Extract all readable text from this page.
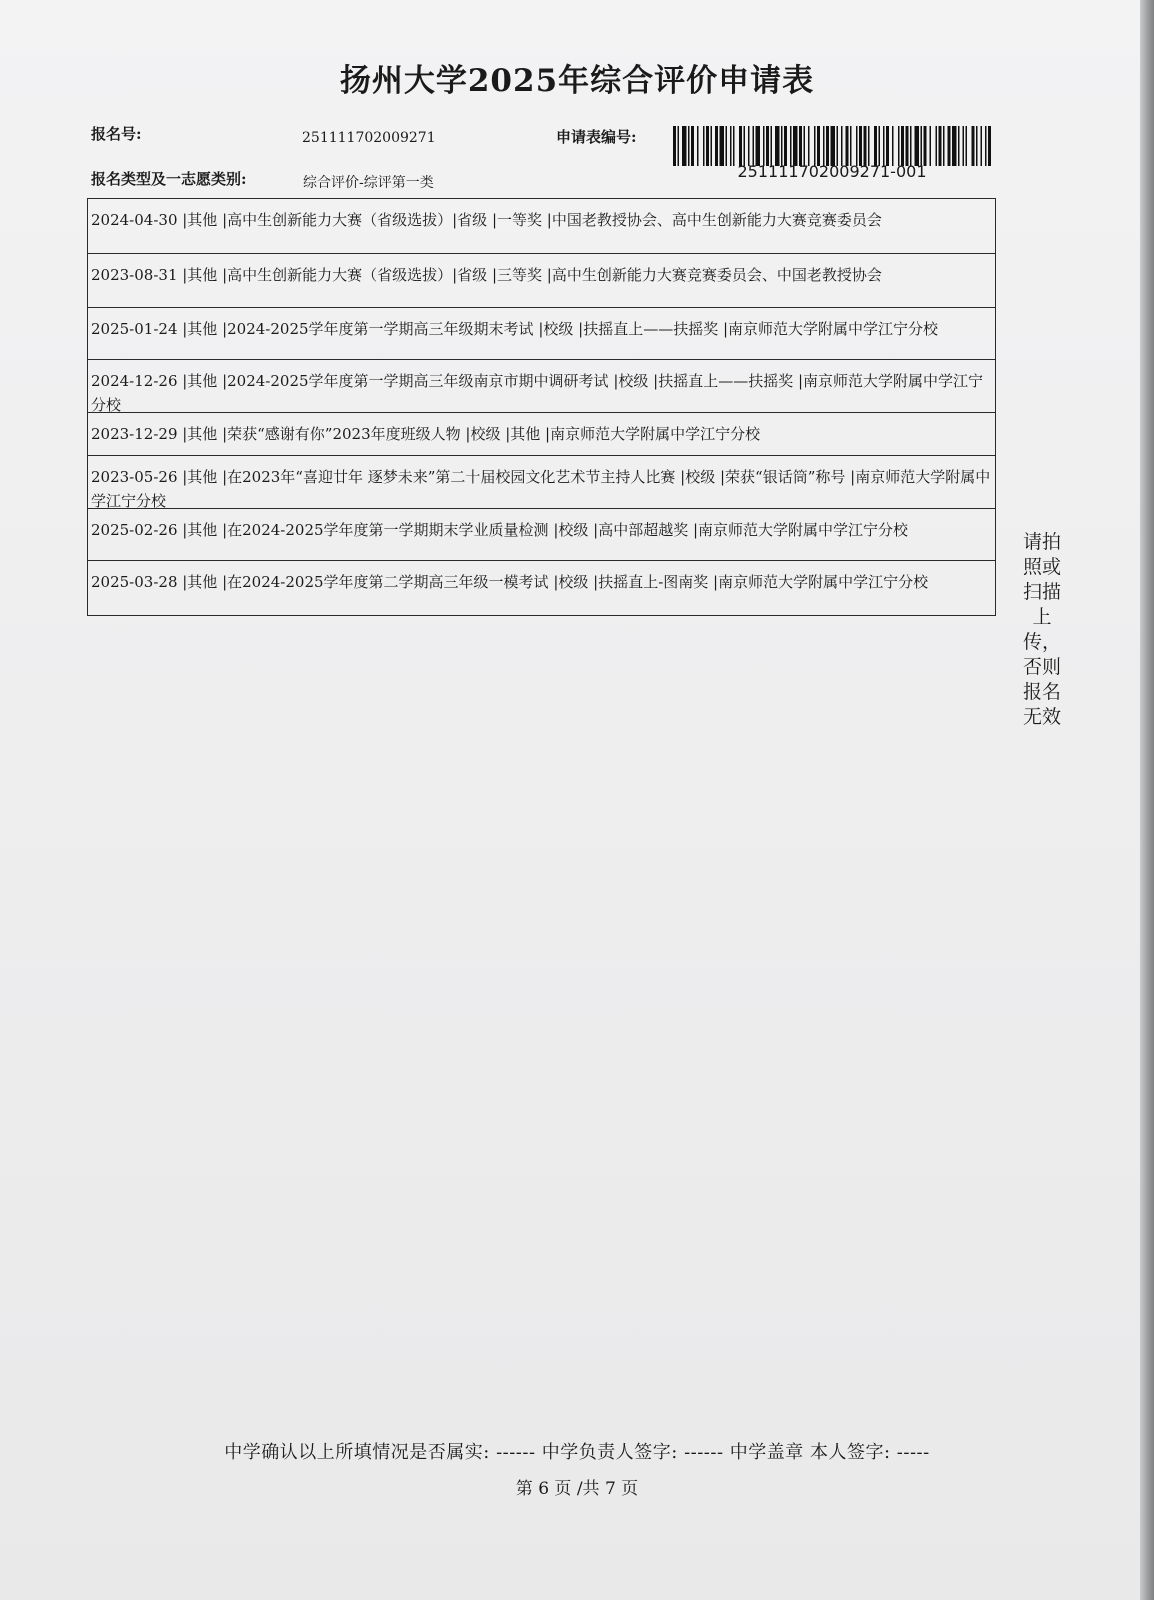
扬州大学2025年综合评价申请表
报名号:	251111702009271	申请表编号:
251111702009271-001
报名类型及一志愿类别:	综合评价-综评第一类
2024-04-30 |其他 |高中生创新能力大赛（省级选拔）|省级 |一等奖 |中国老教授协会、高中生创新能力大赛竞赛委员会
2023-08-31 |其他 |高中生创新能力大赛（省级选拔）|省级 |三等奖 |高中生创新能力大赛竞赛委员会、中国老教授协会
2025-01-24 |其他 |2024-2025学年度第一学期高三年级期末考试 |校级 |扶摇直上——扶摇奖 |南京师范大学附属中学江宁分校
2024-12-26 |其他 |2024-2025学年度第一学期高三年级南京市期中调研考试 |校级 |扶摇直上——扶摇奖 |南京师范大学附属中学江宁分校
2023-12-29 |其他 |荣获“感谢有你”2023年度班级人物 |校级 |其他 |南京师范大学附属中学江宁分校
2023-05-26 |其他 |在2023年“喜迎廿年 逐梦未来”第二十届校园文化艺术节主持人比赛 |校级 |荣获“银话筒”称号 |南京师范大学附属中学江宁分校
2025-02-26 |其他 |在2024-2025学年度第一学期期末学业质量检测 |校级 |高中部超越奖 |南京师范大学附属中学江宁分校
2025-03-28 |其他 |在2024-2025学年度第二学期高三年级一模考试 |校级 |扶摇直上-图南奖 |南京师范大学附属中学江宁分校
请拍照或扫描上传，否则报名无效
中学确认以上所填情况是否属实: ------ 中学负责人签字: ------ 中学盖章 本人签字: -----
第 6 页 /共 7 页
